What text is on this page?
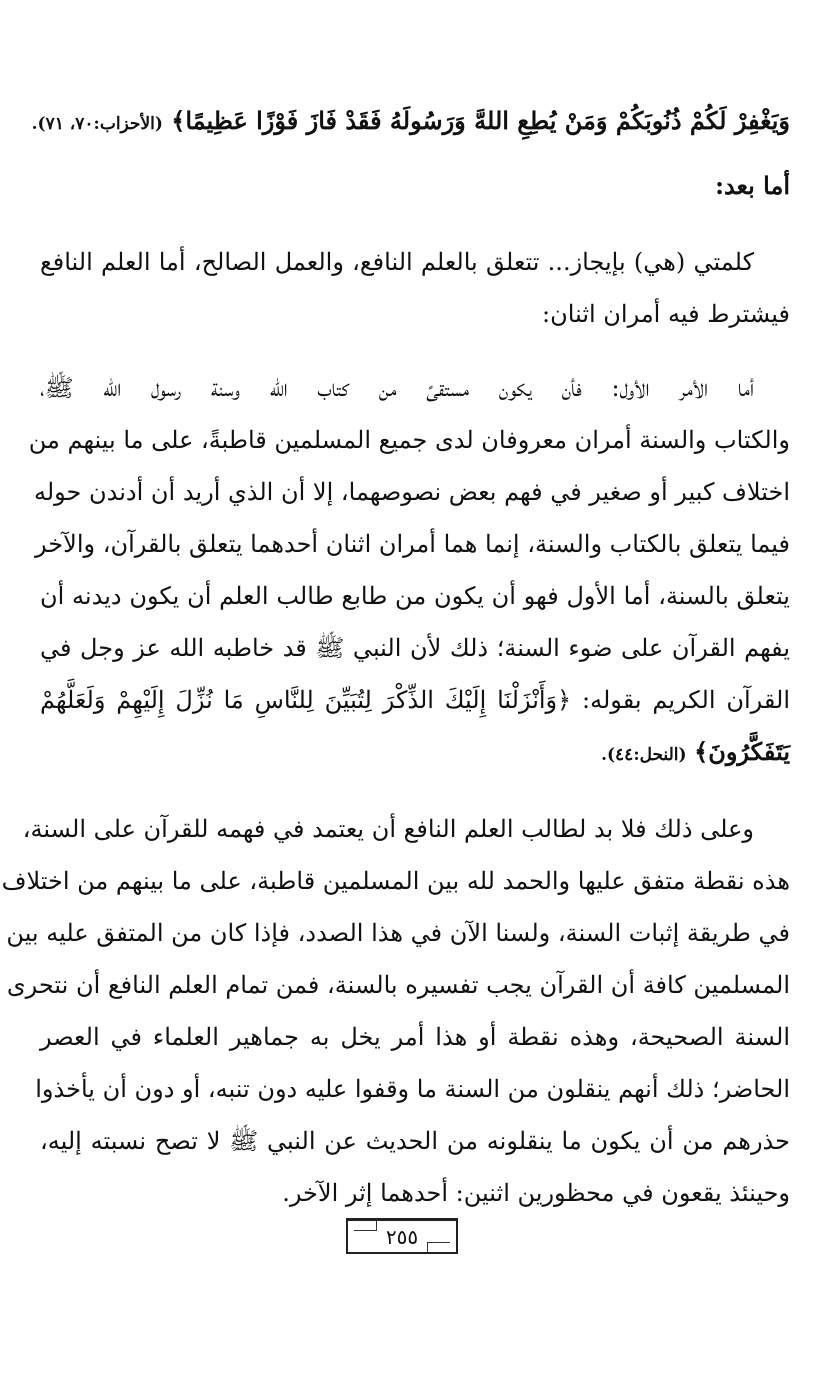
وَيَغْفِرْ لَكُمْ ذُنُوبَكُمْ وَمَنْ يُطِعِ اللهَّ وَرَسُولَهُ فَقَدْ فَازَ فَوْزًا عَظِيمًا﴾ (الأحزاب:٧٠، ٧١).

أما بعد:

كلمتي (هي) بإيجاز... تتعلق بالعلم النافع، والعمل الصالح، أما العلم النافع

فيشترط فيه أمران اثنان:

أما الأمر الأول: فأن يكون مستقىً من كتاب الله وسنة رسول الله ﷺ،

والكتاب والسنة أمران معروفان لدى جميع المسلمين قاطبةً، على ما بينهم من

اختلاف كبير أو صغير في فهم بعض نصوصهما، إلا أن الذي أريد أن أدندن حوله

فيما يتعلق بالكتاب والسنة، إنما هما أمران اثنان أحدهما يتعلق بالقرآن، والآخر

يتعلق بالسنة، أما الأول فهو أن يكون من طابع طالب العلم أن يكون ديدنه أن

يفهم القرآن على ضوء السنة؛ ذلك لأن النبي ﷺ قد خاطبه الله عز وجل في

القرآن الكريم بقوله: ﴿وَأَنْزَلْنَا إِلَيْكَ الذِّكْرَ لِتُبَيِّنَ لِلنَّاسِ مَا نُزِّلَ إِلَيْهِمْ وَلَعَلَّهُمْ

يَتَفَكَّرُونَ﴾ (النحل:٤٤).

وعلى ذلك فلا بد لطالب العلم النافع أن يعتمد في فهمه للقرآن على السنة،

هذه نقطة متفق عليها والحمد لله بين المسلمين قاطبة، على ما بينهم من اختلاف

في طريقة إثبات السنة، ولسنا الآن في هذا الصدد، فإذا كان من المتفق عليه بين

المسلمين كافة أن القرآن يجب تفسيره بالسنة، فمن تمام العلم النافع أن نتحرى

السنة الصحيحة، وهذه نقطة أو هذا أمر يخل به جماهير العلماء في العصر

الحاضر؛ ذلك أنهم ينقلون من السنة ما وقفوا عليه دون تنبه، أو دون أن يأخذوا

حذرهم من أن يكون ما ينقلونه من الحديث عن النبي ﷺ لا تصح نسبته إليه،

وحينئذ يقعون في محظورين اثنين: أحدهما إثر الآخر.

٢٥٥
